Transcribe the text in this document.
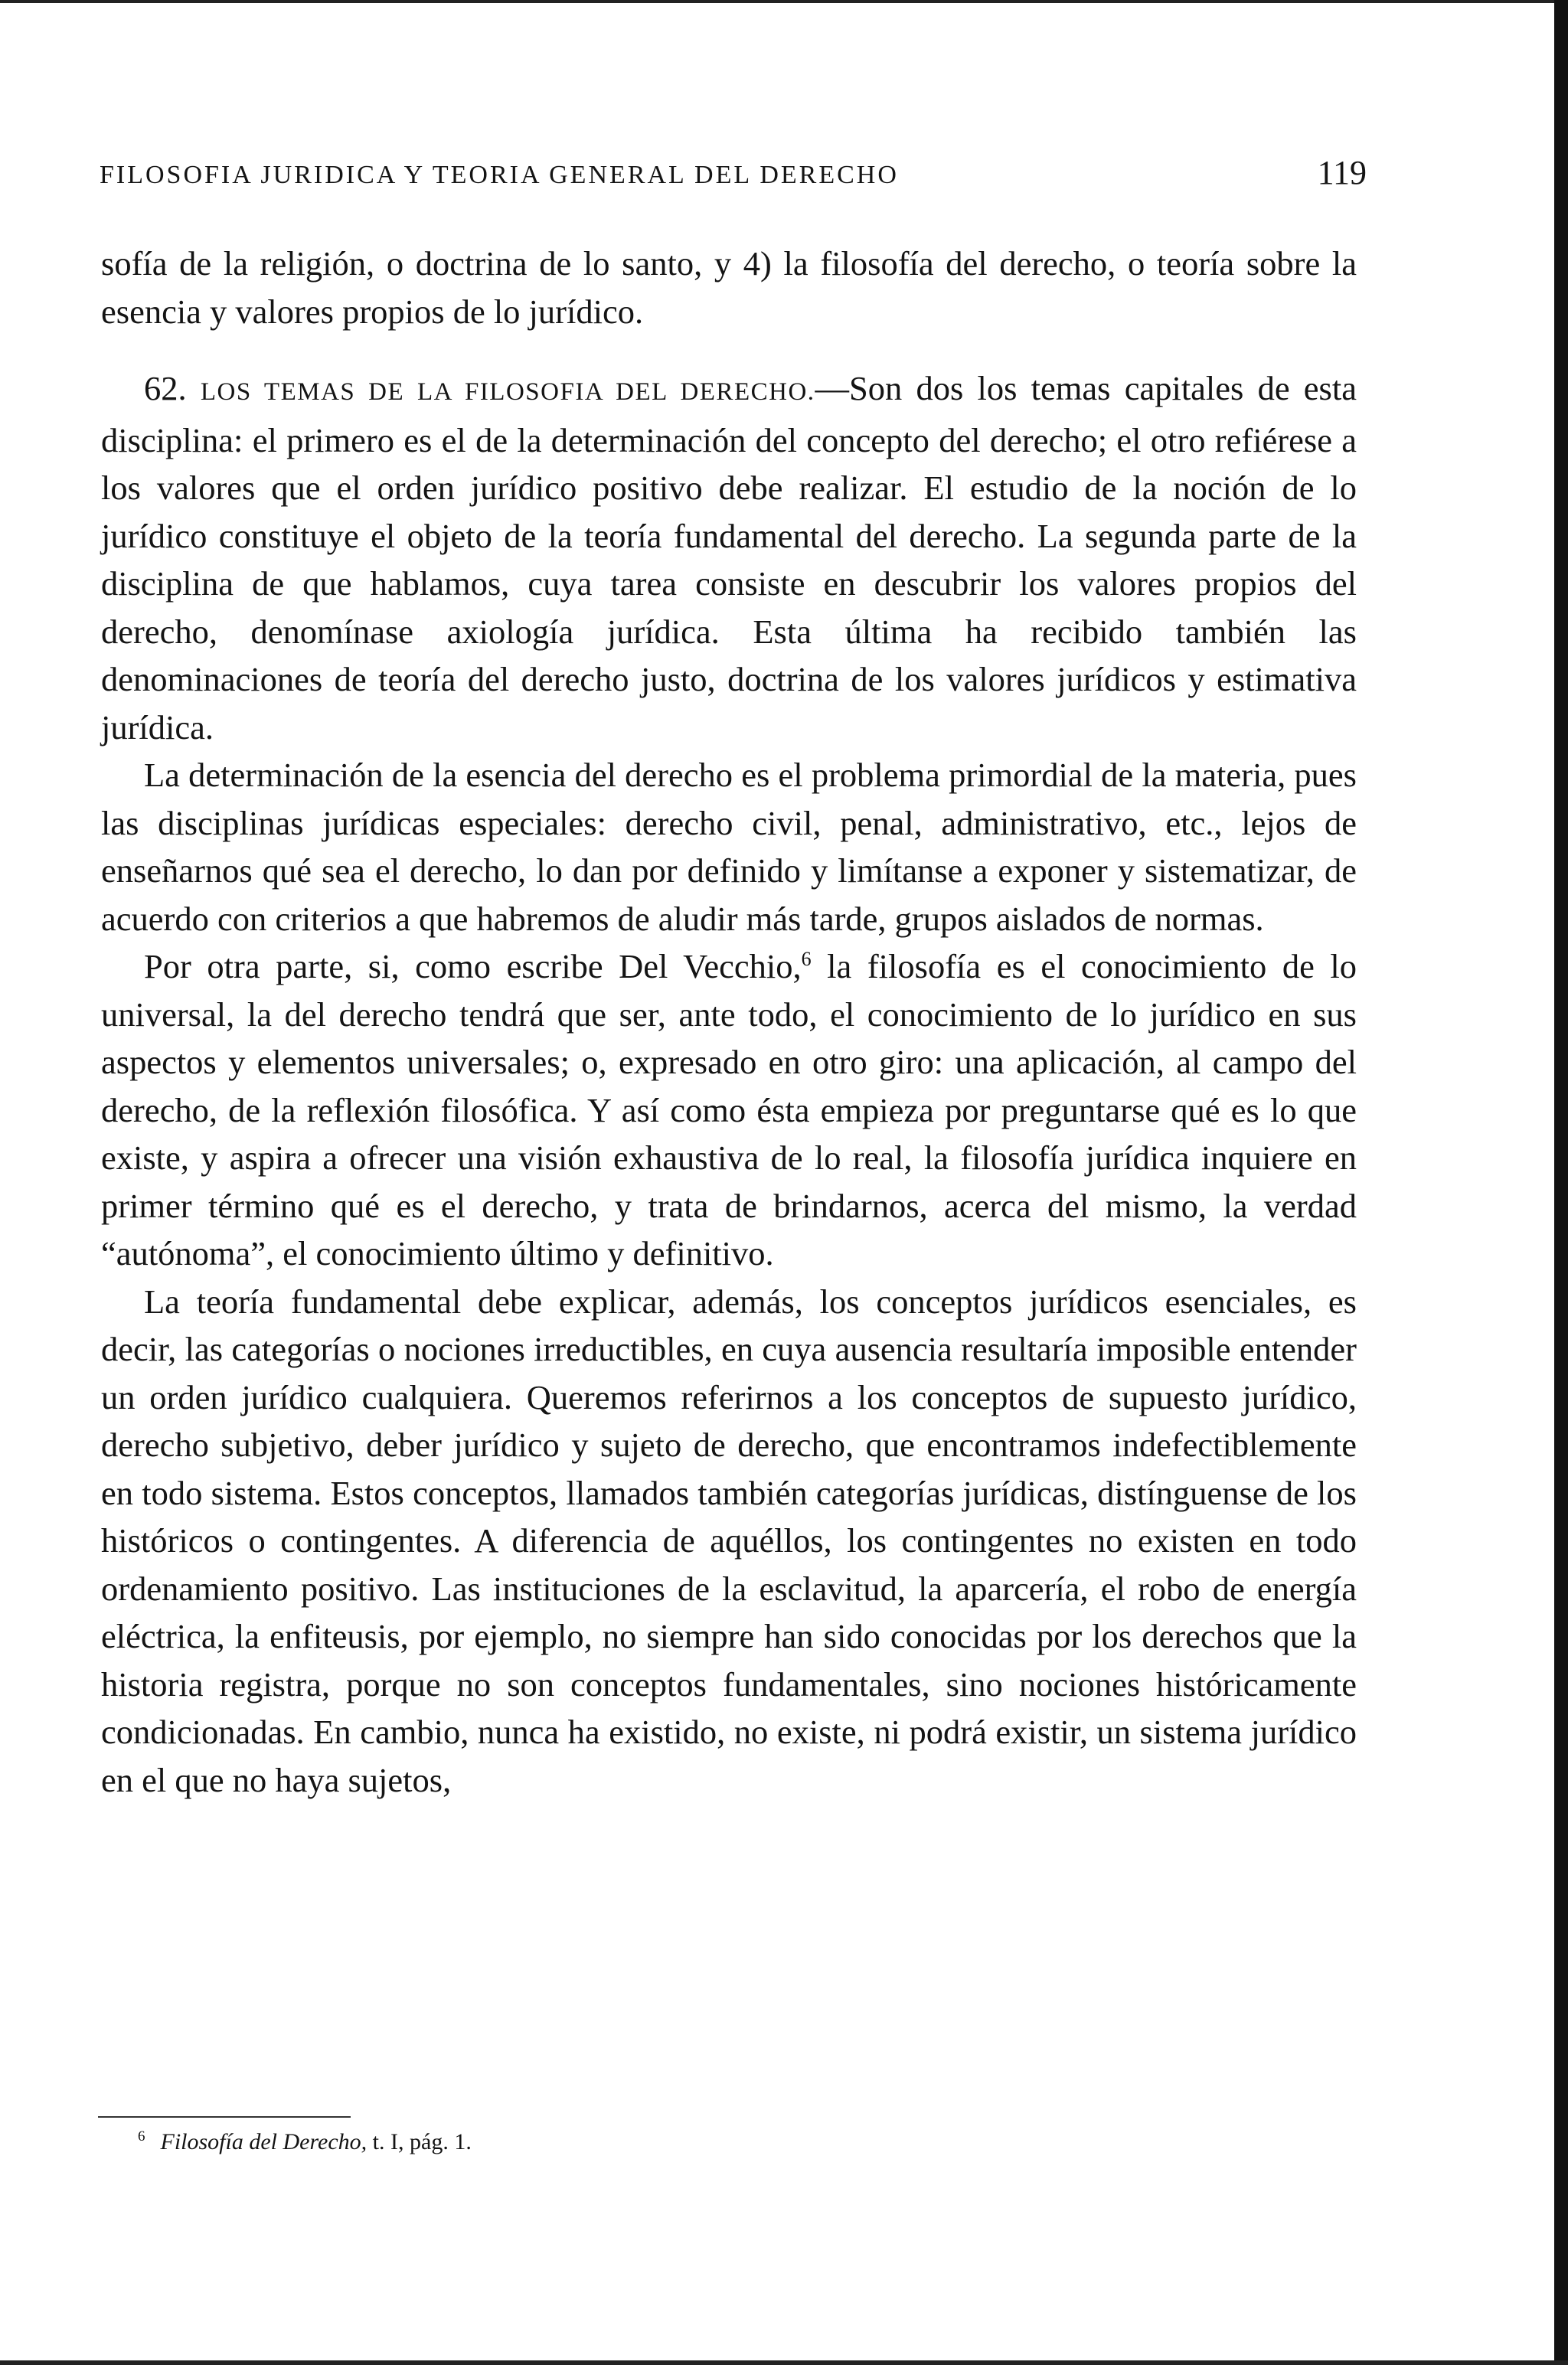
FILOSOFIA JURIDICA Y TEORIA GENERAL DEL DERECHO	119

sofía de la religión, o doctrina de lo santo, y 4) la filosofía del derecho, o teoría sobre la esencia y valores propios de lo jurídico.

62. LOS TEMAS DE LA FILOSOFIA DEL DERECHO.—Son dos los temas capitales de esta disciplina: el primero es el de la determinación del concepto del derecho; el otro refiérese a los valores que el orden jurídico positivo debe realizar. El estudio de la noción de lo jurídico constituye el objeto de la teoría fundamental del derecho. La segunda parte de la disciplina de que hablamos, cuya tarea consiste en descubrir los valores propios del derecho, denomínase axiología jurídica. Esta última ha recibido también las denominaciones de teoría del derecho justo, doctrina de los valores jurídicos y estimativa jurídica.

La determinación de la esencia del derecho es el problema primordial de la materia, pues las disciplinas jurídicas especiales: derecho civil, penal, administrativo, etc., lejos de enseñarnos qué sea el derecho, lo dan por definido y limítanse a exponer y sistematizar, de acuerdo con criterios a que habremos de aludir más tarde, grupos aislados de normas.

Por otra parte, si, como escribe Del Vecchio,$^6$ la filosofía es el conocimiento de lo universal, la del derecho tendrá que ser, ante todo, el conocimiento de lo jurídico en sus aspectos y elementos universales; o, expresado en otro giro: una aplicación, al campo del derecho, de la reflexión filosófica. Y así como ésta empieza por preguntarse qué es lo que existe, y aspira a ofrecer una visión exhaustiva de lo real, la filosofía jurídica inquiere en primer término qué es el derecho, y trata de brindarnos, acerca del mismo, la verdad “autónoma”, el conocimiento último y definitivo.

La teoría fundamental debe explicar, además, los conceptos jurídicos esenciales, es decir, las categorías o nociones irreductibles, en cuya ausencia resultaría imposible entender un orden jurídico cualquiera. Queremos referirnos a los conceptos de supuesto jurídico, derecho subjetivo, deber jurídico y sujeto de derecho, que encontramos indefectiblemente en todo sistema. Estos conceptos, llamados también categorías jurídicas, distínguense de los históricos o contingentes. A diferencia de aquéllos, los contingentes no existen en todo ordenamiento positivo. Las instituciones de la esclavitud, la aparcería, el robo de energía eléctrica, la enfiteusis, por ejemplo, no siempre han sido conocidas por los derechos que la historia registra, porque no son conceptos fundamentales, sino nociones históricamente condicionadas. En cambio, nunca ha existido, no existe, ni podrá existir, un sistema jurídico en el que no haya sujetos,

$^6$ Filosofía del Derecho, t. I, pág. 1.
